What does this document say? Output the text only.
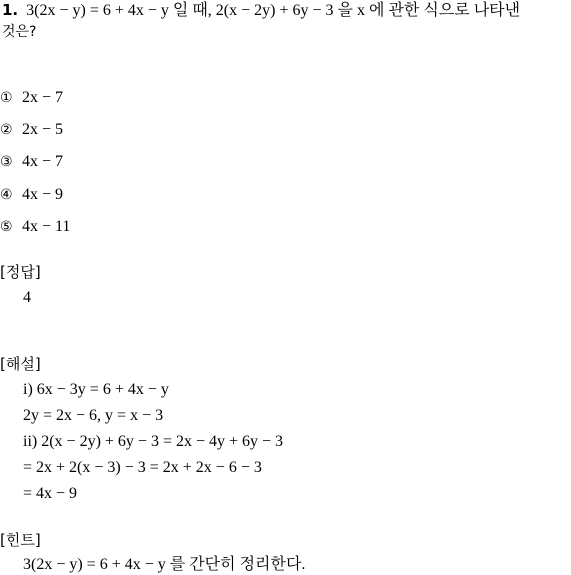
1. 3(2x − y) = 6 + 4x − y 일 때, 2(x − 2y) + 6y − 3 을 x 에 관한 식으로 나타낸
것은?
① 2x − 7
② 2x − 5
③ 4x − 7
④ 4x − 9
⑤ 4x − 11
[정답]
4
[해설]
i) 6x − 3y = 6 + 4x − y
2y = 2x − 6, y = x − 3
ii) 2(x − 2y) + 6y − 3 = 2x − 4y + 6y − 3
= 2x + 2(x − 3) − 3 = 2x + 2x − 6 − 3
= 4x − 9
[힌트]
3(2x − y) = 6 + 4x − y 를 간단히 정리한다.
